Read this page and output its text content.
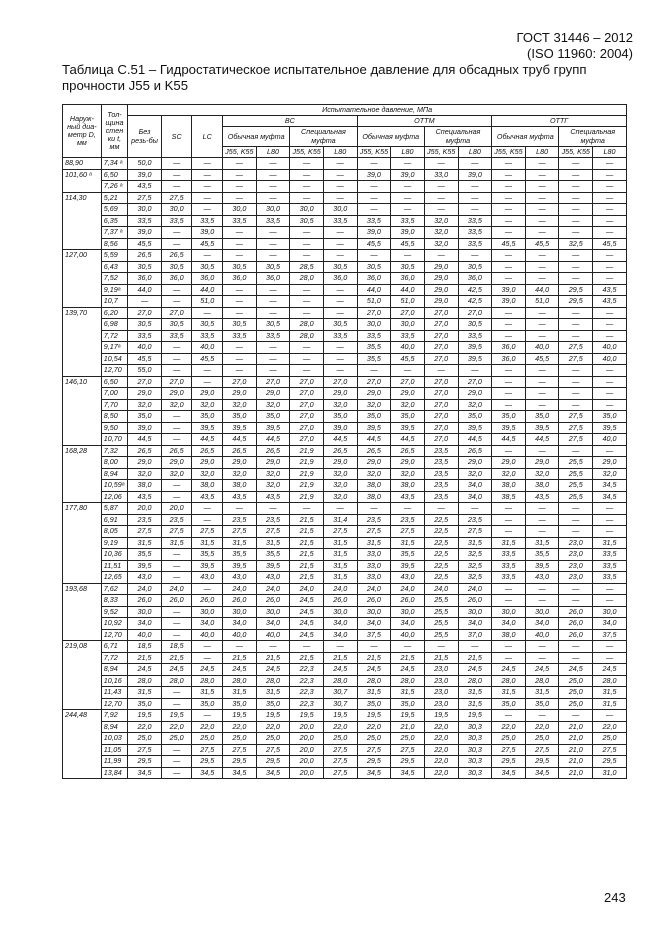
ГОСТ 31446 – 2012
(ISO 11960: 2004)
Таблица С.51 – Гидростатическое испытательное давление для обсадных труб групп прочности J55 и K55
Наруж-ный диа-метр D, мм	Тол-щина стен ки t, мм	Испытательное давление, МПа														
		Без резь-бы	SC	LC	BC				ОТТМ				ОТТГ			
					Обычная муфта		Специальная муфта		Обычная муфта		Специальная муфта		Обычная муфта		Специальная муфта	
					J55, K55	L80	J55, K55	L80	J55, K55	L80	J55, K55	L80	J55, K55	L80	J55, K55	L80
88,90	7,34 ᵃ	50,0	—	—	—	—	—	—	—	—	—	—	—	—	—	—
101,60 ᵃ	6,50	39,0	—	—	—	—	—	—	39,0	39,0	33,0	39,0	—	—	—	—
	7,26 ᵃ	43,5	—	—	—	—	—	—	—	—	—	—	—	—	—	—
114,30	5,21	27,5	27,5	—	—	—	—	—	—	—	—	—	—	—	—	—
	5,69	30,0	30,0	—	30,0	30,0	30,0	30,0	—	—	—	—	—	—	—	—
	6,35	33,5	33,5	33,5	33,5	33,5	30,5	33,5	33,5	33,5	32,0	33,5	—	—	—	—
	7,37 ᵃ	39,0	—	39,0	—	—	—	—	39,0	39,0	32,0	33,5	—	—	—	—
	8,56	45,5	—	45,5	—	—	—	—	45,5	45,5	32,0	33,5	45,5	45,5	32,5	45,5
127,00	5,59	26,5	26,5	—	—	—	—	—	—	—	—	—	—	—	—	—
	6,43	30,5	30,5	30,5	30,5	30,5	28,5	30,5	30,5	30,5	29,0	30,5	—	—	—	—
	7,52	36,0	36,0	36,0	36,0	36,0	28,0	36,0	36,0	36,0	29,0	36,0	—	—	—	—
	9,19ᵃ	44,0	—	44,0	—	—	—	—	44,0	44,0	29,0	42,5	39,0	44,0	29,5	43,5
	10,7	—	—	51,0	—	—	—	—	51,0	51,0	29,0	42,5	39,0	51,0	29,5	43,5
139,70	6,20	27,0	27,0	—	—	—	—	—	27,0	27,0	27,0	27,0	—	—	—	—
	6,98	30,5	30,5	30,5	30,5	30,5	28,0	30,5	30,0	30,0	27,0	30,5	—	—	—	—
	7,72	33,5	33,5	33,5	33,5	33,5	28,0	33,5	33,5	33,5	27,0	33,5	—	—	—	—
	9,17ᵃ	40,0	—	40,0	—	—	—	—	35,5	40,0	27,0	39,5	36,0	40,0	27,5	40,0
	10,54	45,5	—	45,5	—	—	—	—	35,5	45,5	27,0	39,5	36,0	45,5	27,5	40,0
	12,70	55,0	—	—	—	—	—	—	—	—	—	—	—	—	—	—
146,10	6,50	27,0	27,0	—	27,0	27,0	27,0	27,0	27,0	27,0	27,0	27,0	—	—	—	—
	7,00	29,0	29,0	29,0	29,0	29,0	27,0	29,0	29,0	29,0	27,0	29,0	—	—	—	—
	7,70	32,0	32,0	32,0	32,0	32,0	27,0	32,0	32,0	32,0	27,0	32,0	—	—	—	—
	8,50	35,0	—	35,0	35,0	35,0	27,0	35,0	35,0	35,0	27,0	35,0	35,0	35,0	27,5	35,0
	9,50	39,0	—	39,5	39,5	39,5	27,0	39,0	39,5	39,5	27,0	39,5	39,5	39,5	27,5	39,5
	10,70	44,5	—	44,5	44,5	44,5	27,0	44,5	44,5	44,5	27,0	44,5	44,5	44,5	27,5	40,0
168,28	7,32	26,5	26,5	26,5	26,5	26,5	21,9	26,5	26,5	26,5	23,5	26,5	—	—	—	—
	8,00	29,0	29,0	29,0	29,0	29,0	21,9	29,0	29,0	29,0	23,5	29,0	29,0	29,0	25,5	29,0
	8,94	32,0	32,0	32,0	32,0	32,0	21,9	32,0	32,0	32,0	23,5	32,0	32,0	32,0	25,5	32,0
	10,59ᵃ	38,0	—	38,0	38,0	32,0	21,9	32,0	38,0	38,0	23,5	34,0	38,0	38,0	25,5	34,5
	12,06	43,5	—	43,5	43,5	43,5	21,9	32,0	38,0	43,5	23,5	34,0	38,5	43,5	25,5	34,5
177,80	5,87	20,0	20,0	—	—	—	—	—	—	—	—	—	—	—	—	—
	6,91	23,5	23,5	—	23,5	23,5	21,5	31,4	23,5	23,5	22,5	23,5	—	—	—	—
	8,05	27,5	27,5	27,5	27,5	27,5	21,5	27,5	27,5	27,5	22,5	27,5	—	—	—	—
	9,19	31,5	31,5	31,5	31,5	31,5	21,5	31,5	31,5	31,5	22,5	31,5	31,5	31,5	23,0	31,5
	10,36	35,5	—	35,5	35,5	35,5	21,5	31,5	33,0	35,5	22,5	32,5	33,5	35,5	23,0	33,5
	11,51	39,5	—	39,5	39,5	39,5	21,5	31,5	33,0	39,5	22,5	32,5	33,5	39,5	23,0	33,5
	12,65	43,0	—	43,0	43,0	43,0	21,5	31,5	33,0	43,0	22,5	32,5	33,5	43,0	23,0	33,5
193,68	7,62	24,0	24,0	—	24,0	24,0	24,0	24,0	24,0	24,0	24,0	24,0	—	—	—	—
	8,33	26,0	26,0	26,0	26,0	26,0	24,5	26,0	26,0	26,0	25,5	26,0	—	—	—	—
	9,52	30,0	—	30,0	30,0	30,0	24,5	30,0	30,0	30,0	25,5	30,0	30,0	30,0	26,0	30,0
	10,92	34,0	—	34,0	34,0	34,0	24,5	34,0	34,0	34,0	25,5	34,0	34,0	34,0	26,0	34,0
	12,70	40,0	—	40,0	40,0	40,0	24,5	34,0	37,5	40,0	25,5	37,0	38,0	40,0	26,0	37,5
219,08	6,71	18,5	18,5	—	—	—	—	—	—	—	—	—	—	—	—	—
	7,72	21,5	21,5	—	21,5	21,5	21,5	21,5	21,5	21,5	21,5	21,5	—	—	—	—
	8,94	24,5	24,5	24,5	24,5	24,5	22,3	24,5	24,5	24,5	23,0	24,5	24,5	24,5	24,5	24,5
	10,16	28,0	28,0	28,0	28,0	28,0	22,3	28,0	28,0	28,0	23,0	28,0	28,0	28,0	25,0	28,0
	11,43	31,5	—	31,5	31,5	31,5	22,3	30,7	31,5	31,5	23,0	31,5	31,5	31,5	25,0	31,5
	12,70	35,0	—	35,0	35,0	35,0	22,3	30,7	35,0	35,0	23,0	31,5	35,0	35,0	25,0	31,5
244,48	7,92	19,5	19,5	—	19,5	19,5	19,5	19,5	19,5	19,5	19,5	19,5	—	—	—	—
	8,94	22,0	22,0	22,0	22,0	22,0	20,0	22,0	22,0	21,0	22,0	30,3	22,0	22,0	21,0	22,0
	10,03	25,0	25,0	25,0	25,0	25,0	20,0	25,0	25,0	25,0	22,0	30,3	25,0	25,0	21,0	25,0
	11,05	27,5	—	27,5	27,5	27,5	20,0	27,5	27,5	27,5	22,0	30,3	27,5	27,5	21,0	27,5
	11,99	29,5	—	29,5	29,5	29,5	20,0	27,5	29,5	29,5	22,0	30,3	29,5	29,5	21,0	29,5
	13,84	34,5	—	34,5	34,5	34,5	20,0	27,5	34,5	34,5	22,0	30,3	34,5	34,5	21,0	31,0
243
